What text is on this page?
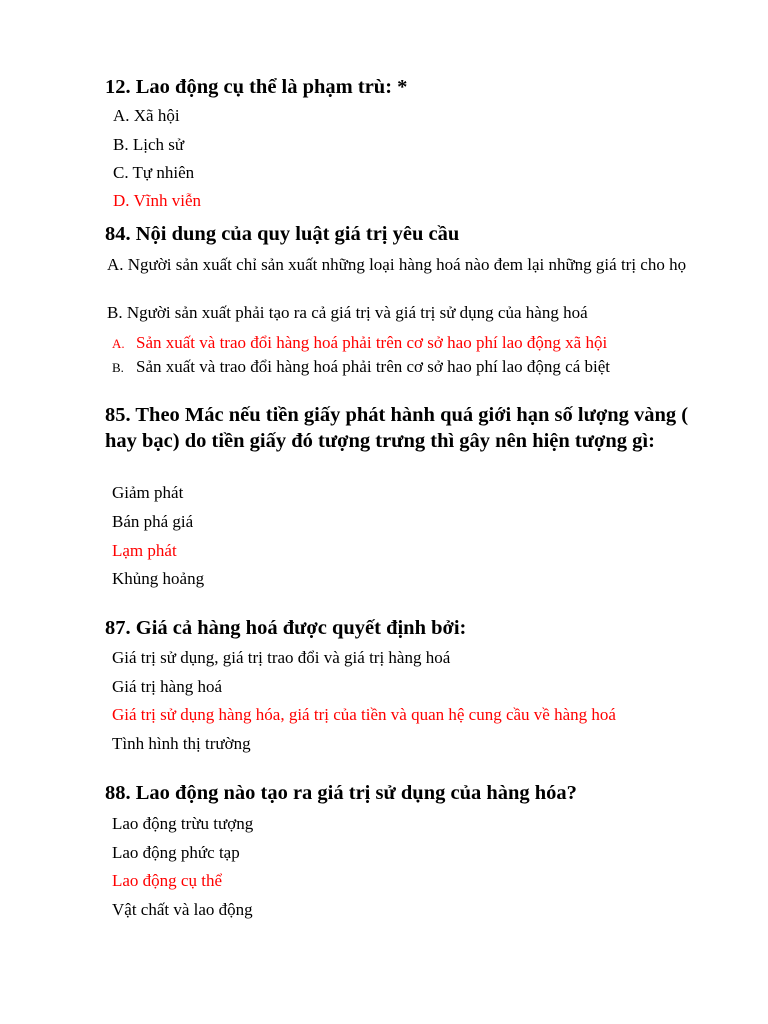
12. Lao động cụ thể là phạm trù: *
A. Xã hội
B. Lịch sử
C. Tự nhiên
D. Vĩnh viễn
84. Nội dung của quy luật giá trị yêu cầu
A. Người sản xuất chỉ sản xuất những loại hàng hoá nào đem lại những giá trị cho họ
B. Người sản xuất phải tạo ra cả giá trị và giá trị sử dụng của hàng hoá
A. Sản xuất và trao đổi hàng hoá phải trên cơ sở hao phí lao động xã hội
B. Sản xuất và trao đổi hàng hoá phải trên cơ sở hao phí lao động cá biệt
85. Theo Mác nếu tiền giấy phát hành quá giới hạn số lượng vàng ( hay bạc) do tiền giấy đó tượng trưng thì gây nên hiện tượng gì:
Giảm phát
Bán phá giá
Lạm phát
Khủng hoảng
87. Giá cả hàng hoá được quyết định bởi:
Giá trị sử dụng, giá trị trao đổi và giá trị hàng hoá
Giá trị hàng hoá
Giá trị sử dụng hàng hóa, giá trị của tiền và quan hệ cung cầu về hàng hoá
Tình hình thị trường
88. Lao động nào tạo ra giá trị sử dụng của hàng hóa?
Lao động trừu tượng
Lao động phức tạp
Lao động cụ thể
Vật chất và lao động
